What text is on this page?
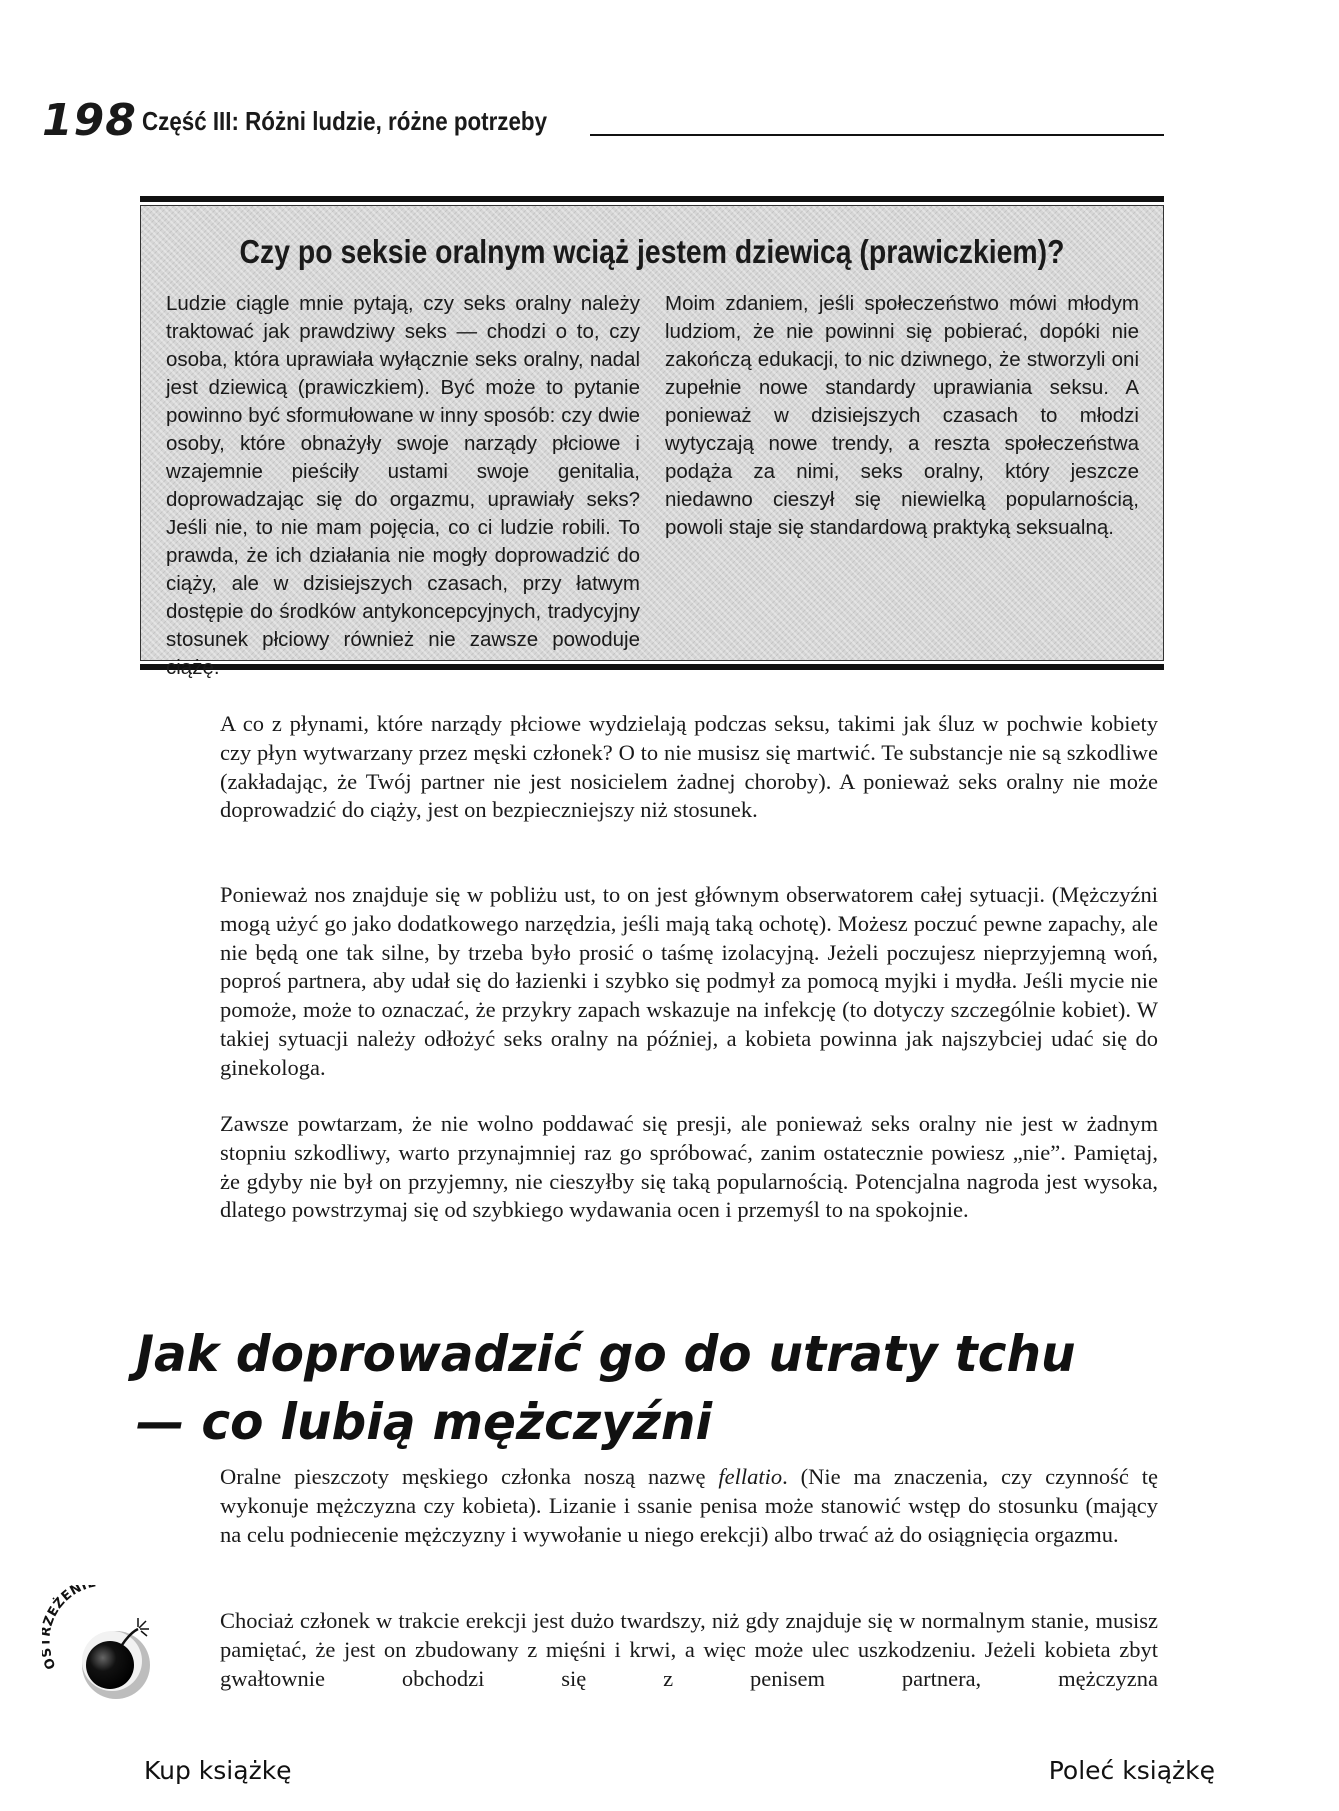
198 Część III: Różni ludzie, różne potrzeby
Czy po seksie oralnym wciąż jestem dziewicą (prawiczkiem)?
Ludzie ciągle mnie pytają, czy seks oralny należy traktować jak prawdziwy seks — chodzi o to, czy osoba, która uprawiała wyłącznie seks oralny, nadal jest dziewicą (prawiczkiem). Być może to pytanie powinno być sformułowane w inny sposób: czy dwie osoby, które obnażyły swoje narządy płciowe i wzajemnie pieściły ustami swoje genitalia, doprowadzając się do orgazmu, uprawiały seks? Jeśli nie, to nie mam pojęcia, co ci ludzie robili. To prawda, że ich działania nie mogły doprowadzić do ciąży, ale w dzisiejszych czasach, przy łatwym dostępie do środków antykoncepcyjnych, tradycyjny stosunek płciowy również nie zawsze powoduje ciążę.
Moim zdaniem, jeśli społeczeństwo mówi młodym ludziom, że nie powinni się pobierać, dopóki nie zakończą edukacji, to nic dziwnego, że stworzyli oni zupełnie nowe standardy uprawiania seksu. A ponieważ w dzisiejszych czasach to młodzi wytyczają nowe trendy, a reszta społeczeństwa podąża za nimi, seks oralny, który jeszcze niedawno cieszył się niewielką popularnością, powoli staje się standardową praktyką seksualną.
A co z płynami, które narządy płciowe wydzielają podczas seksu, takimi jak śluz w pochwie kobiety czy płyn wytwarzany przez męski członek? O to nie musisz się martwić. Te substancje nie są szkodliwe (zakładając, że Twój partner nie jest nosicielem żadnej choroby). A ponieważ seks oralny nie może doprowadzić do ciąży, jest on bezpieczniejszy niż stosunek.
Ponieważ nos znajduje się w pobliżu ust, to on jest głównym obserwatorem całej sytuacji. (Mężczyźni mogą użyć go jako dodatkowego narzędzia, jeśli mają taką ochotę). Możesz poczuć pewne zapachy, ale nie będą one tak silne, by trzeba było prosić o taśmę izolacyjną. Jeżeli poczujesz nieprzyjemną woń, poproś partnera, aby udał się do łazienki i szybko się podmył za pomocą myjki i mydła. Jeśli mycie nie pomoże, może to oznaczać, że przykry zapach wskazuje na infekcję (to dotyczy szczególnie kobiet). W takiej sytuacji należy odłożyć seks oralny na później, a kobieta powinna jak najszybciej udać się do ginekologa.
Zawsze powtarzam, że nie wolno poddawać się presji, ale ponieważ seks oralny nie jest w żadnym stopniu szkodliwy, warto przynajmniej raz go spróbować, zanim ostatecznie powiesz „nie”. Pamiętaj, że gdyby nie był on przyjemny, nie cieszyłby się taką popularnością. Potencjalna nagroda jest wysoka, dlatego powstrzymaj się od szybkiego wydawania ocen i przemyśl to na spokojnie.
Jak doprowadzić go do utraty tchu
— co lubią mężczyźni
Oralne pieszczoty męskiego członka noszą nazwę fellatio. (Nie ma znaczenia, czy czynność tę wykonuje mężczyzna czy kobieta). Lizanie i ssanie penisa może stanowić wstęp do stosunku (mający na celu podniecenie mężczyzny i wywołanie u niego erekcji) albo trwać aż do osiągnięcia orgazmu.
O ZEŻENI
Chociaż członek w trakcie erekcji jest dużo twardszy, niż gdy znajduje się w normalnym stanie, musisz pamiętać, że jest on zbudowany z mięśni i krwi, a więc może ulec uszkodzeniu. Jeżeli kobieta zbyt gwałtownie obchodzi się z penisem partnera, mężczyzna
Kup książkę	Poleć książkę
